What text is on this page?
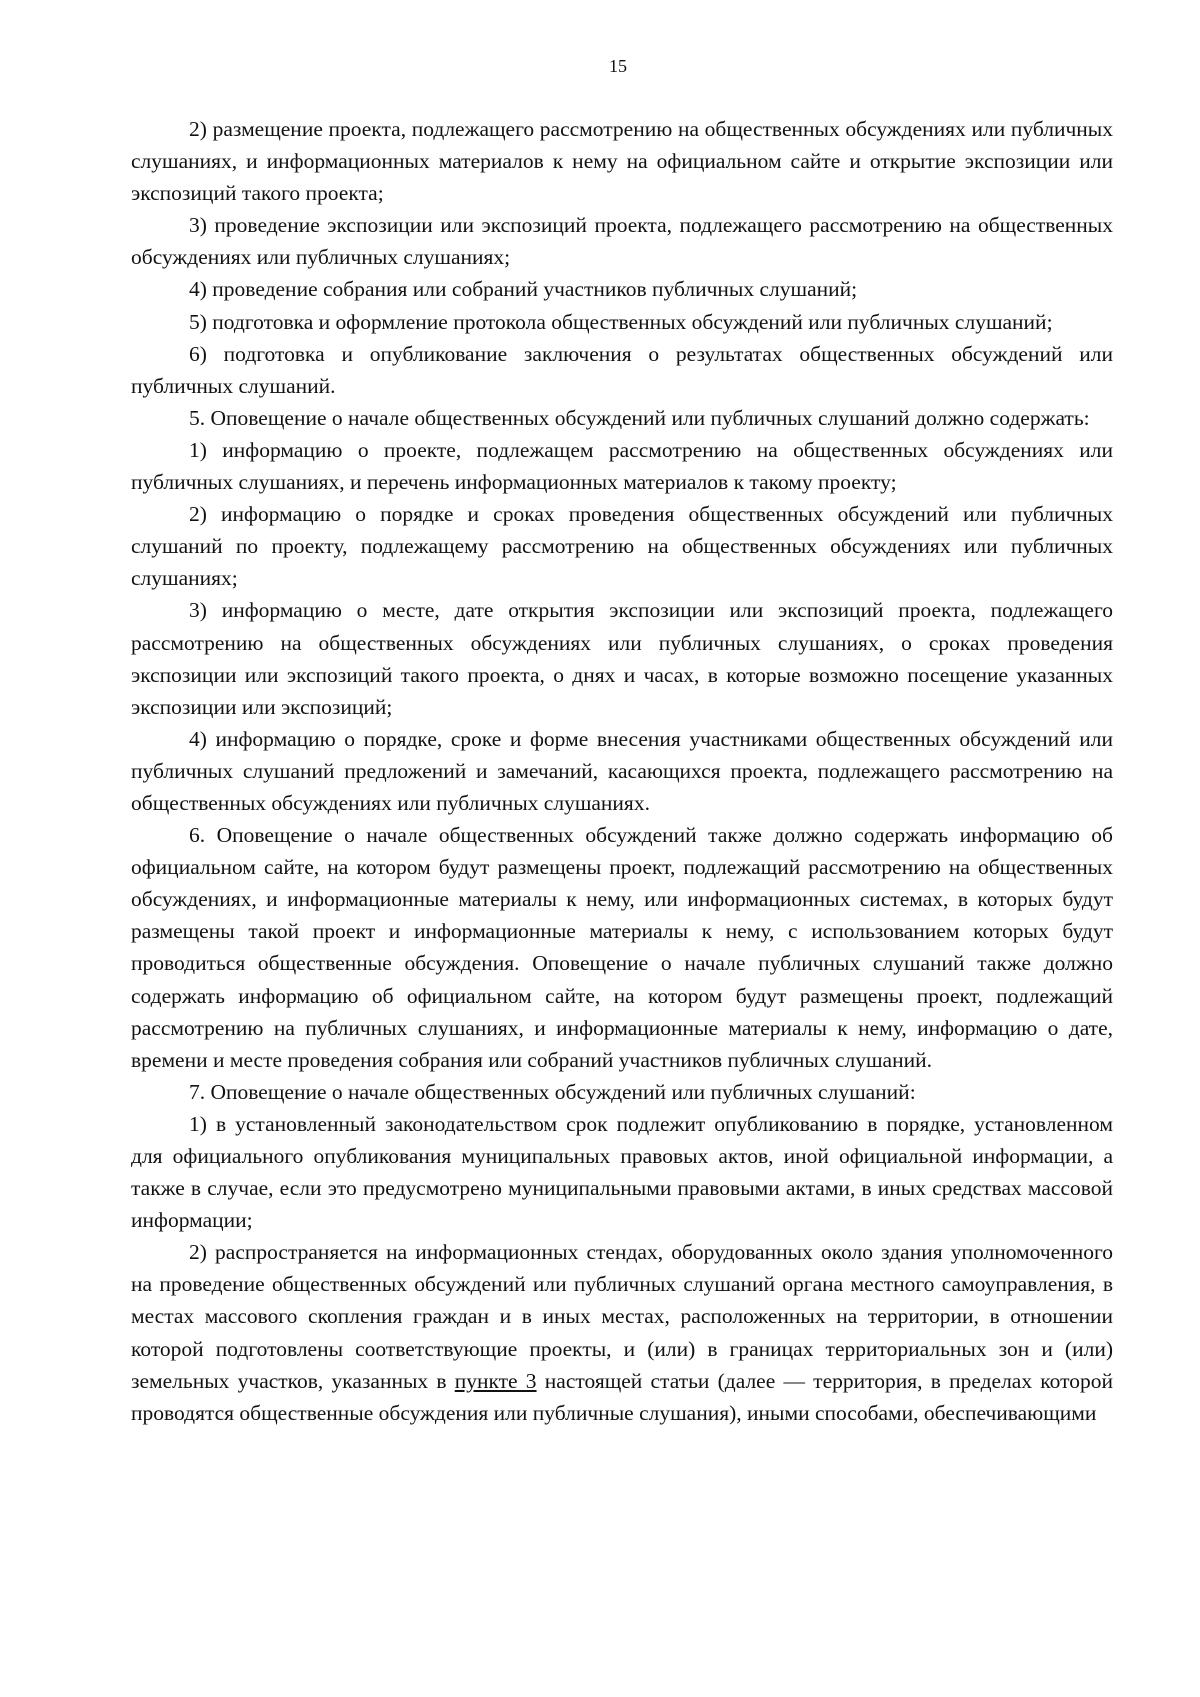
15

2) размещение проекта, подлежащего рассмотрению на общественных обсуждениях или публичных слушаниях, и информационных материалов к нему на официальном сайте и открытие экспозиции или экспозиций такого проекта;

3) проведение экспозиции или экспозиций проекта, подлежащего рассмотрению на общественных обсуждениях или публичных слушаниях;

4) проведение собрания или собраний участников публичных слушаний;

5) подготовка и оформление протокола общественных обсуждений или публичных слушаний;

6) подготовка и опубликование заключения о результатах общественных обсуждений или публичных слушаний.

5. Оповещение о начале общественных обсуждений или публичных слушаний должно содержать:

1) информацию о проекте, подлежащем рассмотрению на общественных обсуждениях или публичных слушаниях, и перечень информационных материалов к такому проекту;

2) информацию о порядке и сроках проведения общественных обсуждений или публичных слушаний по проекту, подлежащему рассмотрению на общественных обсуждениях или публичных слушаниях;

3) информацию о месте, дате открытия экспозиции или экспозиций проекта, подлежащего рассмотрению на общественных обсуждениях или публичных слушаниях, о сроках проведения экспозиции или экспозиций такого проекта, о днях и часах, в которые возможно посещение указанных экспозиции или экспозиций;

4) информацию о порядке, сроке и форме внесения участниками общественных обсуждений или публичных слушаний предложений и замечаний, касающихся проекта, подлежащего рассмотрению на общественных обсуждениях или публичных слушаниях.

6. Оповещение о начале общественных обсуждений также должно содержать информацию об официальном сайте, на котором будут размещены проект, подлежащий рассмотрению на общественных обсуждениях, и информационные материалы к нему, или информационных системах, в которых будут размещены такой проект и информационные материалы к нему, с использованием которых будут проводиться общественные обсуждения. Оповещение о начале публичных слушаний также должно содержать информацию об официальном сайте, на котором будут размещены проект, подлежащий рассмотрению на публичных слушаниях, и информационные материалы к нему, информацию о дате, времени и месте проведения собрания или собраний участников публичных слушаний.

7. Оповещение о начале общественных обсуждений или публичных слушаний:

1) в установленный законодательством срок подлежит опубликованию в порядке, установленном для официального опубликования муниципальных правовых актов, иной официальной информации, а также в случае, если это предусмотрено муниципальными правовыми актами, в иных средствах массовой информации;

2) распространяется на информационных стендах, оборудованных около здания уполномоченного на проведение общественных обсуждений или публичных слушаний органа местного самоуправления, в местах массового скопления граждан и в иных местах, расположенных на территории, в отношении которой подготовлены соответствующие проекты, и (или) в границах территориальных зон и (или) земельных участков, указанных в пункте 3 настоящей статьи (далее — территория, в пределах которой проводятся общественные обсуждения или публичные слушания), иными способами, обеспечивающими
